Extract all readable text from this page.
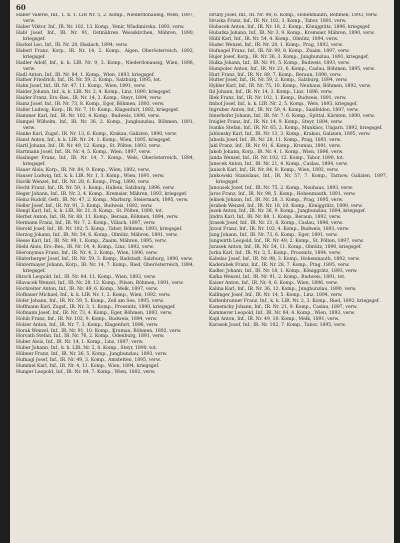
60

Haber Valerie, Inf., 1. k. 1. LIR Nr. 5, 2. Komp., Niederdonaueig, Wien, 1897, verw.

Haber Viktor, Inf., IR. Nr. 102, 13. Komp., Venir, Wladimirska. 1893, verw.

Habl Josef, Inf., IR. Nr. 91, Ostmähren Weisskirchen, Mähren, 1890, kriegsgef.

Hackel Leo, Inf., IR. Nr. 28, Haslach, 1894, verw.

Haberl Franz, Korp., IR. Nr. 14, 2. Komp., Aigen, Oberösterreich, 1892, kriegsgef.

Hadler Adolf, Inf., k. k. LIR. Nr. 9, 3. Komp., Niederdonaueig, Wien, 1896, verw.

Hadl Anton, Inf., IR. Nr. 84, 1. Komp., Wien, 1893, kriegsgef.

Hafner Friedrich, Inf., IR. Nr. 59, 2. Komp., Salzburg, 1895, tot.

Hahn Josef, Inf., IR. Nr. 47, 11. Komp., Wien, 1891, verw.

Haider Johann, Inf., k. k. LIR. Nr. 2, 4. Komp., Linz, 1890, kriegsgef.

Haider Franz, Ers.-Res., IR. Nr. 14, 3. Komp., Steyr, 1894, verw.

Hainz Josef, Inf., IR. Nr. 73, 8. Komp., Eger, Böhmen, 1893, verw.

Haller Ludwig, Korp., IR. Nr. 7, 10. Komp., Klagenfurt, 1892, kriegsgef.

Hammer Karl, Inf., IR. Nr. 102, 4. Komp., Budweis, 1896, verw.

Hampel Wilhelm, Inf., IR. Nr. 36, 2. Komp., Jungbunzlau, Böhmen, 1891, verw.

Hanke Karl, Zugsf., IR. Nr. 13, 6. Komp., Krakau, Galizien, 1890, verw.

Hansl Anton, Inf., k. k. LIR. Nr. 24, 1. Komp., Wien, 1895, kriegsgef.

Hartl Johann, Inf., IR. Nr. 49, 12. Komp., St. Pölten, 1893, verw.

Hartmann Josef, Inf., IR. Nr. 4, 5. Komp., Wien, 1897, verw.

Haslinger Franz, Inf., IR. Nr. 14, 7. Komp., Wels, Oberösterreich, 1894, kriegsgef.

Hauer Alois, Korp., IR. Nr. 84, 9. Komp., Wien, 1892, verw.

Hauser Ludwig, Inf., k. k. LIR. Nr. 1, 3. Komp., Wien, 1891, verw.

Havlik Wenzel, Inf., IR. Nr. 28, 6. Komp., Prag, 1890, verw.

Hecht Franz, Inf., IR. Nr. 59, 1. Komp., Hallein, Salzburg, 1896, verw.

Heger Johann, Inf., IR. Nr. 3, 4. Komp., Kremsier, Mähren, 1893, kriegsgef.

Heinz Rudolf, Gefr., IR. Nr. 47, 2. Komp., Marburg, Steiermark, 1895, verw.

Heller Josef, Inf., IR. Nr. 91, 3. Komp., Budweis, 1892, verw.

Hengl Karl, Inf., k. k. LIR. Nr. 21, 8. Komp., St. Pölten, 1890, tot.

Herbst Anton, Inf., IR. Nr. 88, 11. Komp., Beraun, Böhmen, 1894, verw.

Hermann Franz, Inf., IR. Nr. 7, 2. Komp., Villach, 1897, verw.

Herold Josef, Inf., IR. Nr. 102, 5. Komp., Tabor, Böhmen, 1893, kriegsgef.

Herzog Johann, Inf., IR. Nr. 54, 6. Komp., Olmütz, Mähren, 1891, verw.

Hesse Karl, Inf., IR. Nr. 99, 1. Komp., Znaim, Mähren, 1895, verw.

Hiebl Alois, Ers.-Res., IR. Nr. 14, 4. Komp., Linz, 1892, verw.

Hieronymus Franz, Inf., IR. Nr. 4, 2. Komp., Wien, 1896, verw.

Hinterberger Josef, Inf., IR. Nr. 59, 3. Komp., Radstadt, Salzburg, 1890, verw.

Hintermayer Johann, Korp., IR. Nr. 14, 7. Komp., Ried, Oberösterreich, 1894, kriegsgef.

Hirsch Leopold, Inf., IR. Nr. 84, 11. Komp., Wien, 1893, verw.

Hlavacek Wenzel, Inf., IR. Nr. 28, 12. Komp., Pilsen, Böhmen, 1891, verw.

Hochreiter Anton, Inf., IR. Nr. 49, 6. Komp., Melk, 1897, verw.

Hofbauer Michael, Inf., k. k. LIR. Nr. 1, 2. Komp., Wien, 1892, verw.

Hofer Johann, Inf., IR. Nr. 59, 5. Komp., Zell am See, 1895, verw.

Hoffmann Karl, Zugsf., IR. Nr. 3, 1. Komp., Prossnitz, 1890, kriegsgef.

Hofmann Josef, Inf., IR. Nr. 73, 4. Komp., Eger, Böhmen, 1893, verw.

Holub Franz, Inf., IR. Nr. 102, 9. Komp., Budweis, 1894, verw.

Holzer Anton, Inf., IR. Nr. 7, 3. Komp., Klagenfurt, 1896, verw.

Horak Wenzel, Inf., IR. Nr. 91, 10. Komp., Krumau, Böhmen, 1892, verw.

Horvath Stefan, Inf., IR. Nr. 76, 2. Komp., Ödenburg, 1891, verw.

Huber Alois, Inf., IR. Nr. 14, 1. Komp., Linz, 1897, verw.

Huber Johann, Inf., k. k. LIR. Nr. 2, 8. Komp., Steyr, 1890, tot.

Hübner Franz, Inf., IR. Nr. 36, 5. Komp., Jungbunzlau, 1893, verw.

Hufnagl Josef, Inf., IR. Nr. 49, 3. Komp., Amstetten, 1895, verw.

Hummel Karl, Inf., IR. Nr. 4, 11. Komp., Wien, 1894, kriegsgef.

Hunger Leopold, Inf., IR. Nr. 84, 7. Komp., Wien, 1892, verw.

Hruby Josef, Inf., IR. Nr. 98, 6. Komp., Hohenmauth, Böhmen, 1893, verw.

Hruska Franz, Inf., IR. Nr. 102, 3. Komp., Tabor, 1891, verw.

Hubacek Anton, Inf., IR. Nr. 18, 2. Komp., Königgrätz, 1896, kriegsgef.

Hubatka Johann, Inf., IR. Nr. 3, 9. Komp., Kremsier, Mähren, 1890, verw.

Hübl Karl, Inf., IR. Nr. 54, 4. Komp., Olmütz, 1894, verw.

Hudec Wenzel, Inf., IR. Nr. 28, 1. Komp., Prag, 1892, verw.

Hufnagel Franz, Inf., IR. Nr. 99, 8. Komp., Znaim, 1897, verw.

Hujer Josef, Korp., IR. Nr. 36, 3. Komp., Jungbunzlau, 1891, kriegsgef.

Hulka Johann, Inf., IR. Nr. 91, 5. Komp., Budweis, 1893, verw.

Humpolec Anton, Inf., IR. Nr. 21, 6. Komp., Caslau, Böhmen, 1895, verw.

Hurt Franz, Inf., IR. Nr. 88, 7. Komp., Beraun, 1890, verw.

Hutter Josef, Inf., IR. Nr. 59, 2. Komp., Salzburg, 1894, verw.

Hybler Karl, Inf., IR. Nr. 75, 10. Komp., Neuhaus, Böhmen, 1892, verw.

Ibl Johann, Inf., IR. Nr. 14, 3. Komp., Linz, 1896, verw.

Illek Franz, Inf., IR. Nr. 102, 1. Komp., Budweis, 1891, verw.

Imhof Josef, Inf., k. k. LIR. Nr. 2, 5. Komp., Wels, 1893, kriegsgef.

Ingruber Anton, Inf., IR. Nr. 59, 4. Komp., Saalfelden, 1897, verw.

Innerhofer Johann, Inf., IR. Nr. 7, 6. Komp., Spittal, Kärnten, 1890, verw.

Irsigler Franz, Inf., IR. Nr. 14, 9. Komp., Steyr, 1894, verw.

Ivanko Stefan, Inf., IR. Nr. 65, 2. Komp., Munkács, Ungarn, 1892, kriegsgef.

Jablonsky Karl, Inf., IR. Nr. 13, 3. Komp., Krakau, Galizien, 1895, verw.

Jahoda Josef, Inf., IR. Nr. 28, 11. Komp., Prag, 1893, verw.

Jakl Franz, Inf., IR. Nr. 91, 6. Komp., Krumau, 1891, verw.

Jakob Johann, Korp., IR. Nr. 4, 1. Komp., Wien, 1896, verw.

Janda Wenzel, Inf., IR. Nr. 102, 12. Komp., Tabor, 1890, tot.

Janecek Anton, Inf., IR. Nr. 21, 4. Komp., Caslau, 1894, verw.

Janisch Karl, Inf., IR. Nr. 84, 8. Komp., Wien, 1892, verw.

Jankowski Stanislaus, Inf., IR. Nr. 57, 7. Komp., Tarnow, Galizien, 1897, kriegsgef.

Janousek Josef, Inf., IR. Nr. 75, 2. Komp., Neuhaus, 1893, verw.

Jaros Franz, Inf., IR. Nr. 98, 5. Komp., Hohenmauth, 1891, verw.

Jelinek Johann, Inf., IR. Nr. 28, 3. Komp., Prag, 1895, verw.

Jerabek Wenzel, Inf., IR. Nr. 18, 10. Komp., Königgrätz, 1890, verw.

Jezek Anton, Inf., IR. Nr. 36, 9. Komp., Jungbunzlau, 1894, kriegsgef.

Jindra Karl, Inf., IR. Nr. 88, 1. Komp., Beraun, 1892, verw.

Jirasek Josef, Inf., IR. Nr. 21, 8. Komp., Caslau, 1896, verw.

Jirout Franz, Inf., IR. Nr. 102, 4. Komp., Budweis, 1893, verw.

Jung Johann, Inf., IR. Nr. 73, 6. Komp., Eger, 1891, verw.

Jungwirth Leopold, Inf., IR. Nr. 49, 2. Komp., St. Pölten, 1897, verw.

Jurasek Anton, Inf., IR. Nr. 54, 11. Komp., Olmütz, 1890, kriegsgef.

Jurka Karl, Inf., IR. Nr. 3, 5. Komp., Prossnitz, 1894, verw.

Kabelac Josef, Inf., IR. Nr. 98, 3. Komp., Hohenmauth, 1892, verw.

Kaderabek Franz, Inf., IR. Nr. 28, 7. Komp., Prag, 1895, verw.

Kadlec Johann, Inf., IR. Nr. 18, 1. Komp., Königgrätz, 1893, verw.

Kafka Wenzel, Inf., IR. Nr. 91, 2. Komp., Budweis, 1891, tot.

Kaiser Anton, Inf., IR. Nr. 4, 6. Komp., Wien, 1896, verw.

Kalina Karl, Inf., IR. Nr. 36, 12. Komp., Jungbunzlau, 1890, verw.

Kallinger Josef, Inf., IR. Nr. 14, 5. Komp., Linz, 1894, verw.

Kaltenbrunner Franz, Inf., k. k. LIR. Nr. 2, 3. Komp., Ried, 1892, kriegsgef.

Kamenicky Johann, Inf., IR. Nr. 21, 9. Komp., Caslau, 1897, verw.

Kammerer Leopold, Inf., IR. Nr. 84, 4. Komp., Wien, 1893, verw.

Kapl Anton, Inf., IR. Nr. 49, 10. Komp., Melk, 1891, verw.

Karasek Josef, Inf., IR. Nr. 102, 7. Komp., Tabor, 1895, verw.
